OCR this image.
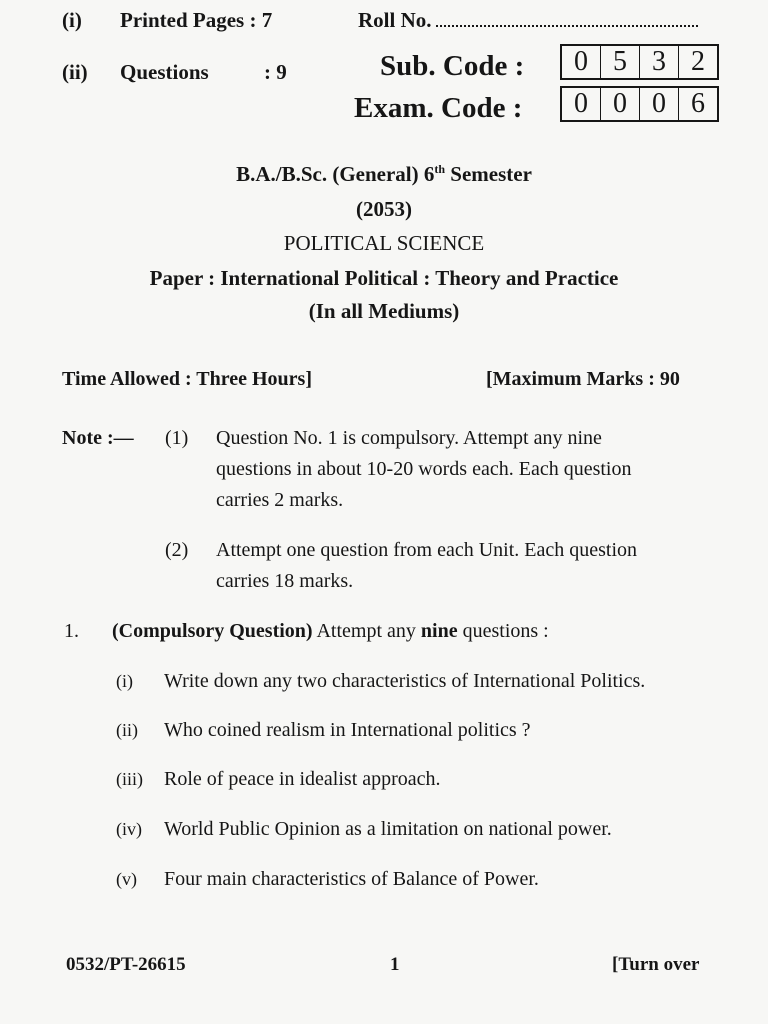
(i) Printed Pages : 7	Roll No.
(ii) Questions	: 9	Sub. Code :	0 5 3 2
Exam. Code :	0 0 0 6
B.A./B.Sc. (General) 6th Semester
(2053)
POLITICAL SCIENCE
Paper : International Political : Theory and Practice
(In all Mediums)
Time Allowed : Three Hours]	[Maximum Marks : 90
Note :— (1) Question No. 1 is compulsory. Attempt any nine
questions in about 10-20 words each. Each question
carries 2 marks.
(2) Attempt one question from each Unit. Each question
carries 18 marks.
1. (Compulsory Question) Attempt any nine questions :
(i) Write down any two characteristics of International Politics.
(ii) Who coined realism in International politics ?
(iii) Role of peace in idealist approach.
(iv) World Public Opinion as a limitation on national power.
(v) Four main characteristics of Balance of Power.
0532/PT-26615	1	[Turn over
